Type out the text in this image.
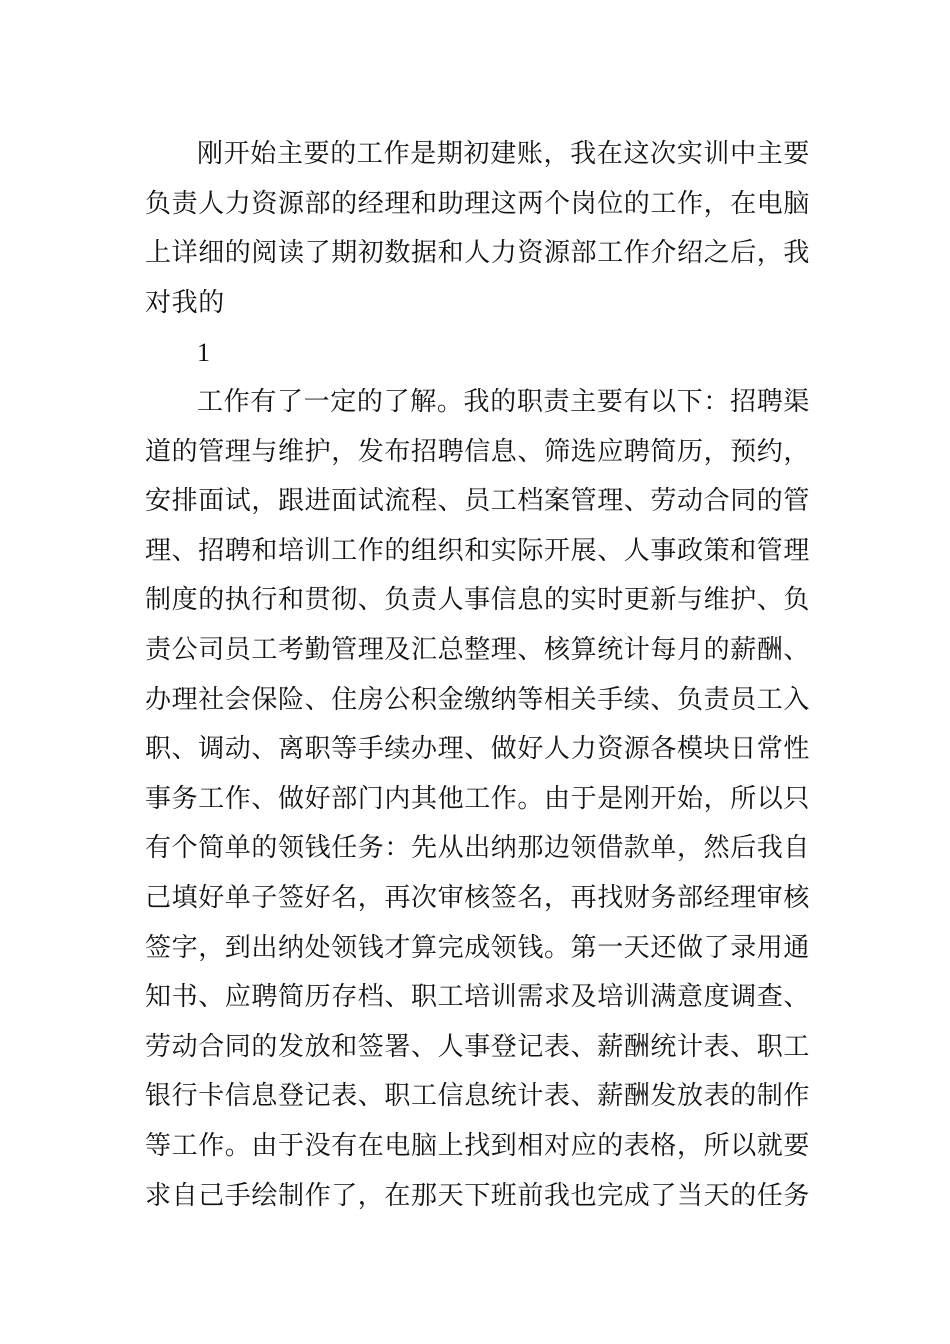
刚开始主要的工作是期初建账，我在这次实训中主要负责人力资源部的经理和助理这两个岗位的工作，在电脑上详细的阅读了期初数据和人力资源部工作介绍之后，我对我的

1

工作有了一定的了解。我的职责主要有以下：招聘渠道的管理与维护，发布招聘信息、筛选应聘简历，预约，安排面试，跟进面试流程、员工档案管理、劳动合同的管理、招聘和培训工作的组织和实际开展、人事政策和管理制度的执行和贯彻、负责人事信息的实时更新与维护、负责公司员工考勤管理及汇总整理、核算统计每月的薪酬、办理社会保险、住房公积金缴纳等相关手续、负责员工入职、调动、离职等手续办理、做好人力资源各模块日常性事务工作、做好部门内其他工作。由于是刚开始，所以只有个简单的领钱任务：先从出纳那边领借款单，然后我自己填好单子签好名，再次审核签名，再找财务部经理审核签字，到出纳处领钱才算完成领钱。第一天还做了录用通知书、应聘简历存档、职工培训需求及培训满意度调查、劳动合同的发放和签署、人事登记表、薪酬统计表、职工银行卡信息登记表、职工信息统计表、薪酬发放表的制作等工作。由于没有在电脑上找到相对应的表格，所以就要求自己手绘制作了，在那天下班前我也完成了当天的任务
